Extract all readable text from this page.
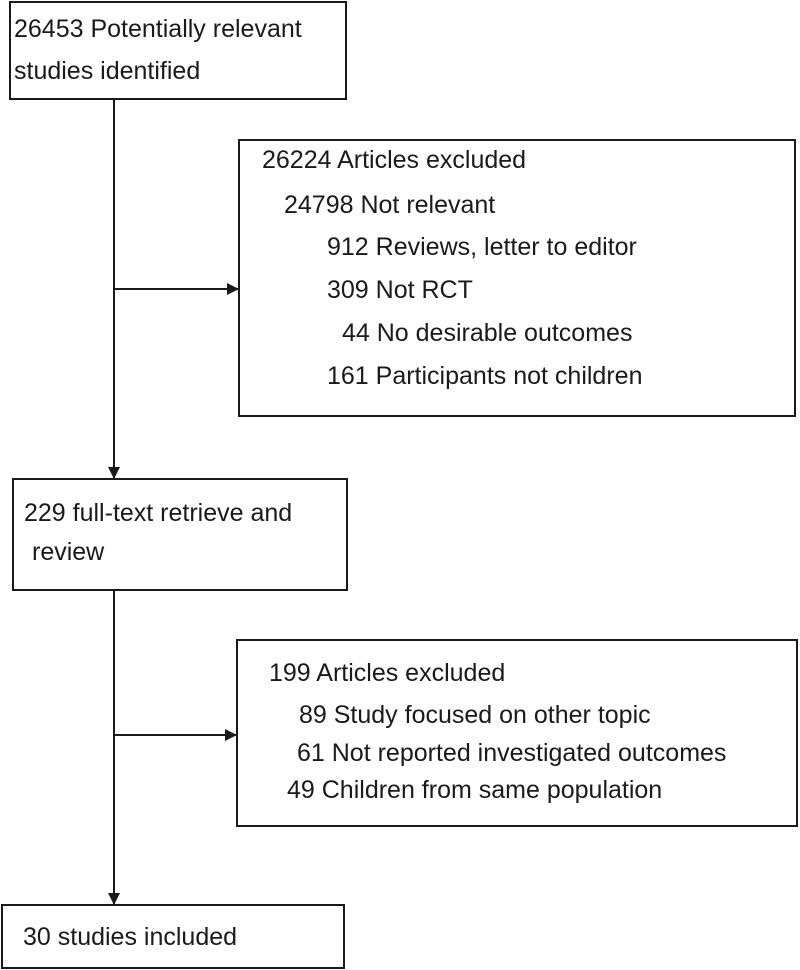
26453 Potentially relevant
studies identified
26224 Articles excluded
24798 Not relevant
912 Reviews, letter to editor
309 Not RCT
44 No desirable outcomes
161 Participants not children
229 full-text retrieve and
review
199 Articles excluded
89 Study focused on other topic
61 Not reported investigated outcomes
49 Children from same population
30 studies included
